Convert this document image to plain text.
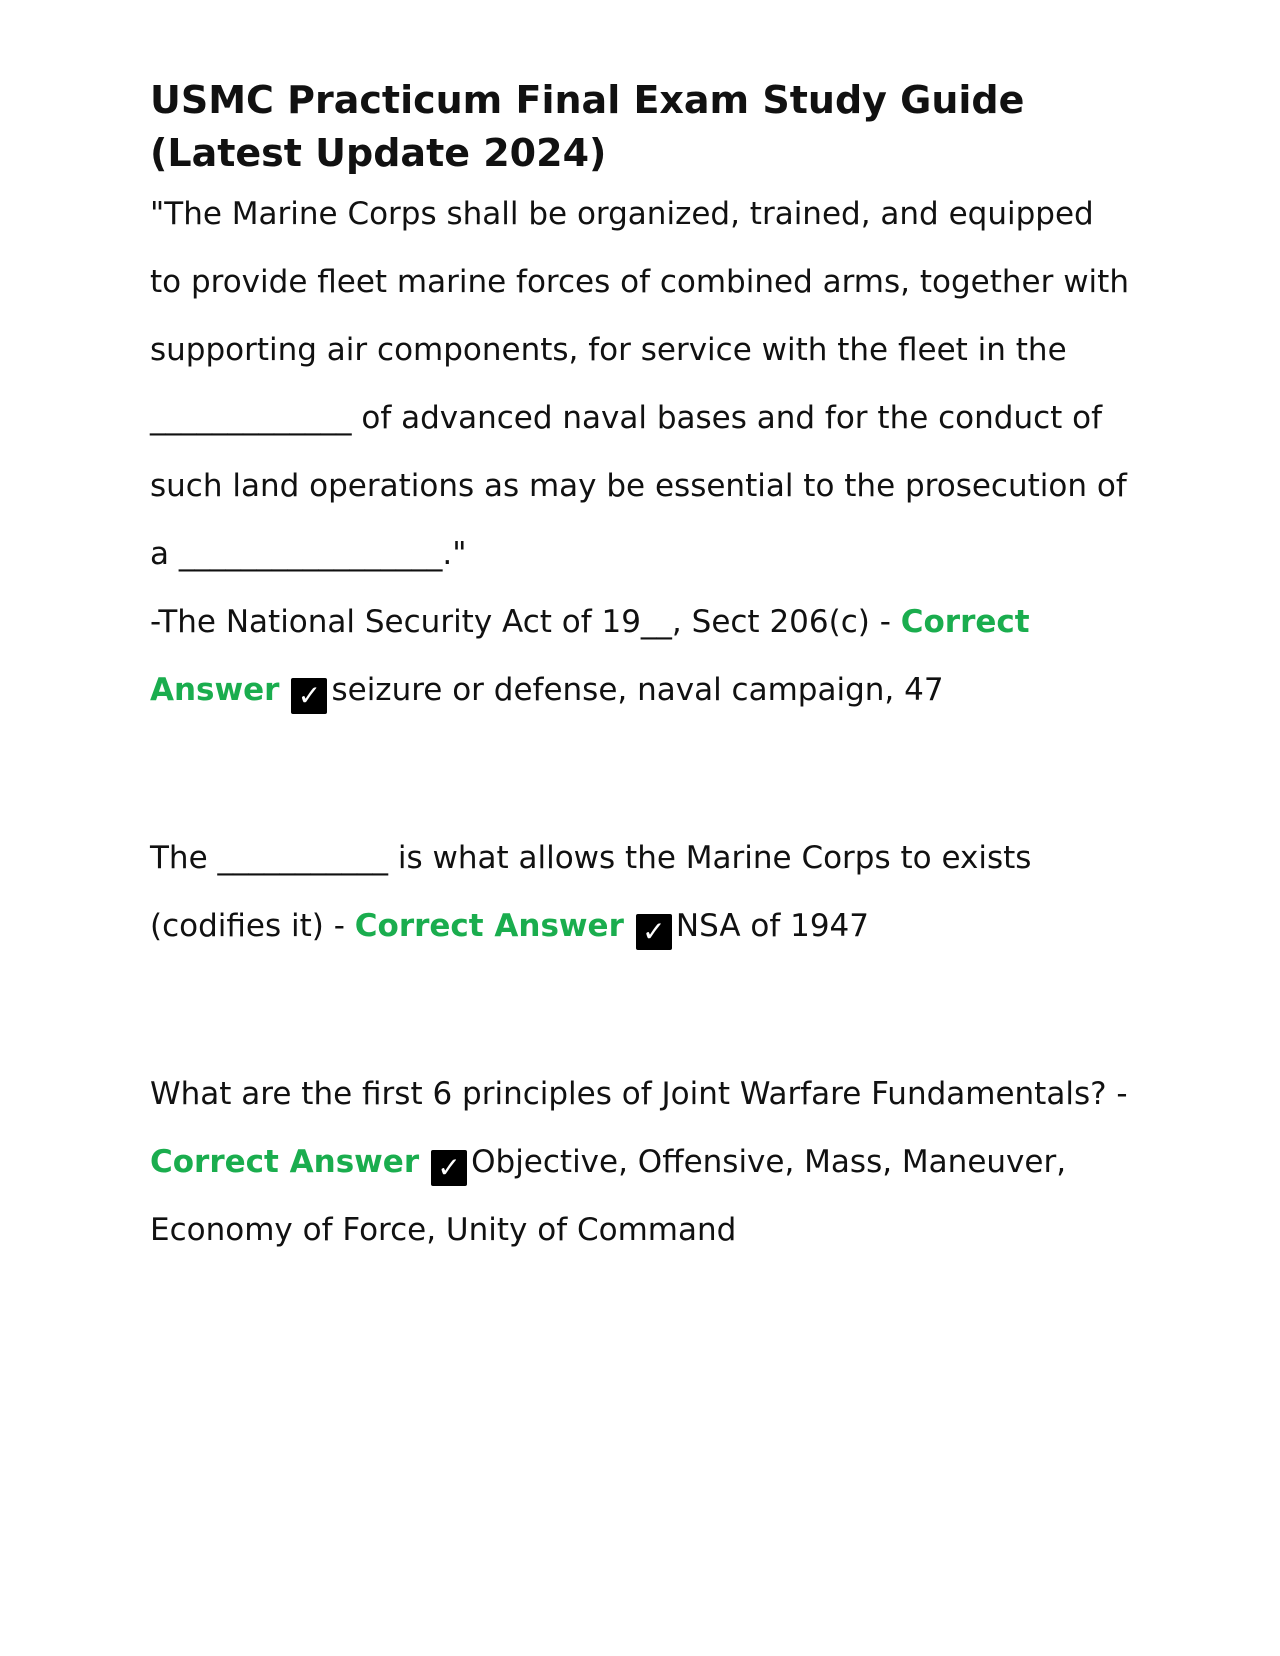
USMC Practicum Final Exam Study Guide (Latest Update 2024)

"The Marine Corps shall be organized, trained, and equipped to provide fleet marine forces of combined arms, together with supporting air components, for service with the fleet in the _____________ of advanced naval bases and for the conduct of such land operations as may be essential to the prosecution of a _________________."

-The National Security Act of 19__, Sect 206(c) - Correct Answer ✓ seizure or defense, naval campaign, 47

The ___________ is what allows the Marine Corps to exists (codifies it) - Correct Answer ✓ NSA of 1947

What are the first 6 principles of Joint Warfare Fundamentals? - Correct Answer ✓ Objective, Offensive, Mass, Maneuver, Economy of Force, Unity of Command
